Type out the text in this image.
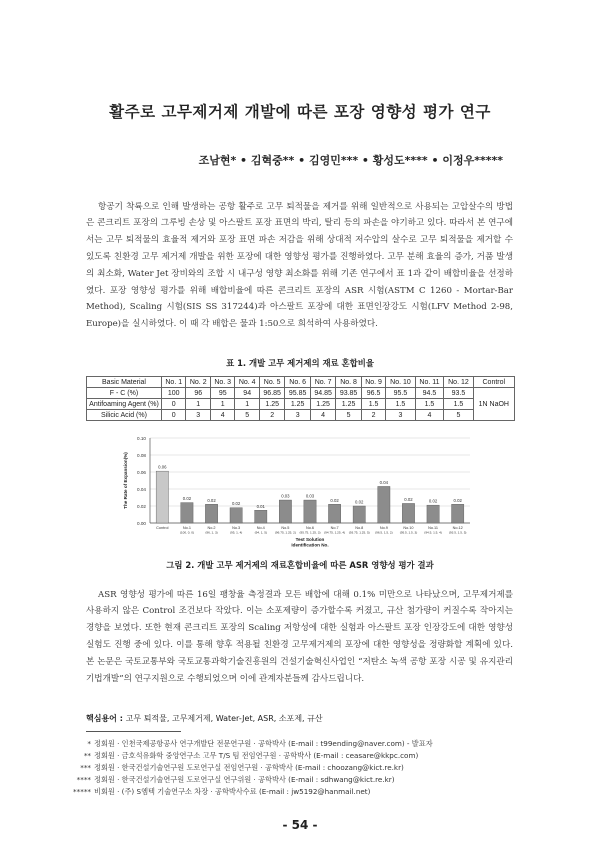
활주로 고무제거제 개발에 따른 포장 영향성 평가 연구
조남현* • 김혁중** • 김영민*** • 황성도**** • 이정우*****

항공기 착륙으로 인해 발생하는 공항 활주로 고무 퇴적물을 제거를 위해 일반적으로 사용되는 고압살수의 방법은 콘크리트 포장의 그루빙 손상 및 아스팔트 포장 표면의 박리, 탈리 등의 파손을 야기하고 있다. 따라서 본 연구에서는 고무 퇴적물의 효율적 제거와 포장 표면 파손 저감을 위해 상대적 저수압의 살수로 고무 퇴적물을 제거할 수 있도록 친환경 고무 제거제 개발을 위한 포장에 대한 영향성 평가를 진행하였다. 고무 분해 효율의 증가, 거품 발생의 최소화, Water Jet 장비와의 조합 시 내구성 영향 최소화를 위해 기존 연구에서 표 1과 같이 배합비율을 선정하였다. 포장 영향성 평가를 위해 배합비율에 따른 콘크리트 포장의 ASR 시험(ASTM C 1260 - Mortar-Bar Method), Scaling 시험(SIS SS 317244)과 아스팔트 포장에 대한 표면인장강도 시험(LFV Method 2-98, Europe)을 실시하였다. 이 때 각 배합은 물과 1:50으로 희석하여 사용하였다.

표 1. 개발 고무 제거제의 재료 혼합비율
Basic Material	No. 1	No. 2	No. 3	No. 4	No. 5	No. 6	No. 7	No. 8	No. 9	No. 10	No. 11	No. 12	Control
F - C (%)	100	96	95	94	96.85	95.85	94.85	93.85	96.5	95.5	94.5	93.5	1N NaOH
Antifoaming Agent (%)	0	1	1	1	1.25	1.25	1.25	1.25	1.5	1.5	1.5	1.5	
Silicic Acid (%)	0	3	4	5	2	3	4	5	2	3	4	5	
0.00
0.02
0.04
0.06
0.08
0.10
0.06
Control
0.02
No.1
(100, 0, 0)
0.02
No.2
(96, 1, 3)
0.02
No.3
(95, 1, 4)
0.01
No.4
(94, 1, 5)
0.03
No.5
(96.75, 1.25, 2)
0.03
No.6
(95.75, 1.25, 3)
0.02
No.7
(94.75, 1.25, 4)
0.02
No.8
(93.75, 1.25, 5)
0.04
No.9
(96.5, 1.5, 2)
0.02
No.10
(95.5, 1.5, 3)
0.02
No.11
(94.5, 1.5, 4)
0.02
No.12
(93.5, 1.5, 5)
The Rate of Expansion(%)
Test Solution
Identification No.
그림 2. 개발 고무 제거제의 재료혼합비율에 따른 ASR 영향성 평가 결과

ASR 영향성 평가에 따른 16일 팽창율 측정결과 모든 배합에 대해 0.1% 미만으로 나타났으며, 고무제거제를 사용하지 않은 Control 조건보다 작았다. 이는 소포제량이 증가할수록 커졌고, 규산 첨가량이 커질수록 작아지는 경향을 보였다. 또한 현재 콘크리트 포장의 Scaling 저항성에 대한 실험과 아스팔트 포장 인장강도에 대한 영향성 실험도 진행 중에 있다. 이를 통해 향후 적용될 친환경 고무제거제의 포장에 대한 영향성을 정량화할 계획에 있다. 본 논문은 국토교통부와 국토교통과학기술진흥원의 건설기술혁신사업인 “저탄소 녹색 공항 포장 시공 및 유지관리 기법개발”의 연구지원으로 수행되었으며 이에 관계자분들께 감사드립니다.

핵심용어 : 고무 퇴적물, 고무제거제, Water-Jet, ASR, 소포제, 규산
* 정회원 · 인천국제공항공사 연구개발단 전문연구원 · 공학박사 (E-mail : t99ending@naver.com) - 발표자
** 정회원 · 금호석유화학 중앙연구소 고무 T/S 팀 전임연구원 · 공학박사 (E-mail : ceasare@kkpc.com)
*** 정회원 · 한국건설기술연구원 도로연구실 전임연구원 · 공학박사 (E-mail : choozang@kict.re.kr)
**** 정회원 · 한국건설기술연구원 도로연구실 연구위원 · 공학박사 (E-mail : sdhwang@kict.re.kr)
***** 비회원 · (주) S엠텍 기술연구소 차장 · 공학박사수료 (E-mail : jw5192@hanmail.net)
- 54 -
